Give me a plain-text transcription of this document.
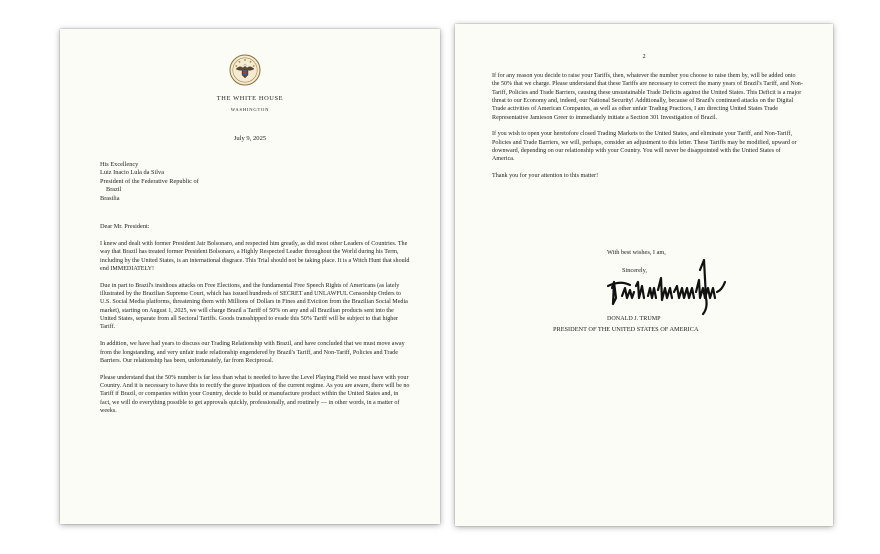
THE WHITE HOUSE
WASHINGTON
July 9, 2025
His Excellency
Luiz Inacio Lula da Silva
President of the Federative Republic of
Brazil
Brasilia
Dear Mr. President:

I knew and dealt with former President Jair Bolsonaro, and respected him greatly, as did most other Leaders of Countries. The way that Brazil has treated former President Bolsonaro, a Highly Respected Leader throughout the World during his Term, including by the United States, is an international disgrace. This Trial should not be taking place. It is a Witch Hunt that should end IMMEDIATELY!

Due in part to Brazil's insidious attacks on Free Elections, and the fundamental Free Speech Rights of Americans (as lately illustrated by the Brazilian Supreme Court, which has issued hundreds of SECRET and UNLAWFUL Censorship Orders to U.S. Social Media platforms, threatening them with Millions of Dollars in Fines and Eviction from the Brazilian Social Media market), starting on August 1, 2025, we will charge Brazil a Tariff of 50% on any and all Brazilian products sent into the United States, separate from all Sectoral Tariffs. Goods transshipped to evade this 50% Tariff will be subject to that higher Tariff.

In addition, we have had years to discuss our Trading Relationship with Brazil, and have concluded that we must move away from the longstanding, and very unfair trade relationship engendered by Brazil's Tariff, and Non-Tariff, Policies and Trade Barriers. Our relationship has been, unfortunately, far from Reciprocal.

Please understand that the 50% number is far less than what is needed to have the Level Playing Field we must have with your Country. And it is necessary to have this to rectify the grave injustices of the current regime. As you are aware, there will be no Tariff if Brazil, or companies within your Country, decide to build or manufacture product within the United States and, in fact, we will do everything possible to get approvals quickly, professionally, and routinely — in other words, in a matter of weeks.

2

If for any reason you decide to raise your Tariffs, then, whatever the number you choose to raise them by, will be added onto the 50% that we charge. Please understand that these Tariffs are necessary to correct the many years of Brazil's Tariff, and Non-Tariff, Policies and Trade Barriers, causing these unsustainable Trade Deficits against the United States. This Deficit is a major threat to our Economy and, indeed, our National Security! Additionally, because of Brazil's continued attacks on the Digital Trade activities of American Companies, as well as other unfair Trading Practices, I am directing United States Trade Representative Jamieson Greer to immediately initiate a Section 301 Investigation of Brazil.

If you wish to open your heretofore closed Trading Markets to the United States, and eliminate your Tariff, and Non-Tariff, Policies and Trade Barriers, we will, perhaps, consider an adjustment to this letter. These Tariffs may be modified, upward or downward, depending on our relationship with your Country. You will never be disappointed with the United States of America.

Thank you for your attention to this matter!

With best wishes, I am,
Sincerely,
DONALD J. TRUMP
PRESIDENT OF THE UNITED STATES OF AMERICA
